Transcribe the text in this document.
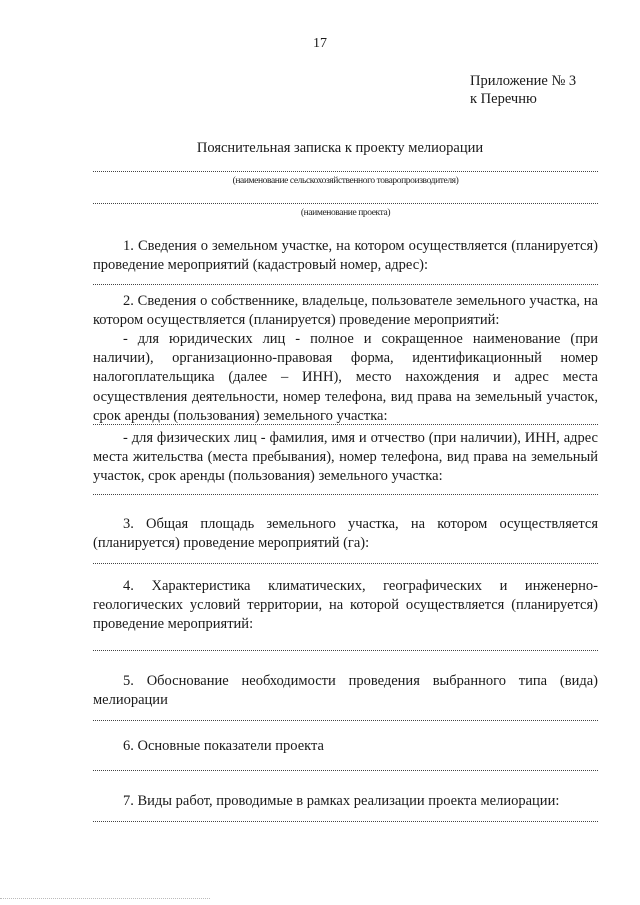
17
Приложение № 3
к Перечню
Пояснительная записка к проекту мелиорации
(наименование сельскохозяйственного товаропроизводителя)
(наименование проекта)
1. Сведения о земельном участке, на котором осуществляется (планируется) проведение мероприятий (кадастровый номер, адрес):
2. Сведения о собственнике, владельце, пользователе земельного участка, на котором осуществляется (планируется) проведение мероприятий:
- для юридических лиц - полное и сокращенное наименование (при наличии), организационно-правовая форма, идентификационный номер налогоплательщика (далее – ИНН), место нахождения и адрес места осуществления деятельности, номер телефона, вид права на земельный участок, срок аренды (пользования) земельного участка:
- для физических лиц - фамилия, имя и отчество (при наличии), ИНН, адрес места жительства (места пребывания), номер телефона, вид права на земельный участок, срок аренды (пользования) земельного участка:
3. Общая площадь земельного участка, на котором осуществляется (планируется) проведение мероприятий (га):
4. Характеристика климатических, географических и инженерно-геологических условий территории, на которой осуществляется (планируется) проведение мероприятий:
5. Обоснование необходимости проведения выбранного типа (вида) мелиорации
6. Основные показатели проекта
7. Виды работ, проводимые в рамках реализации проекта мелиорации:
